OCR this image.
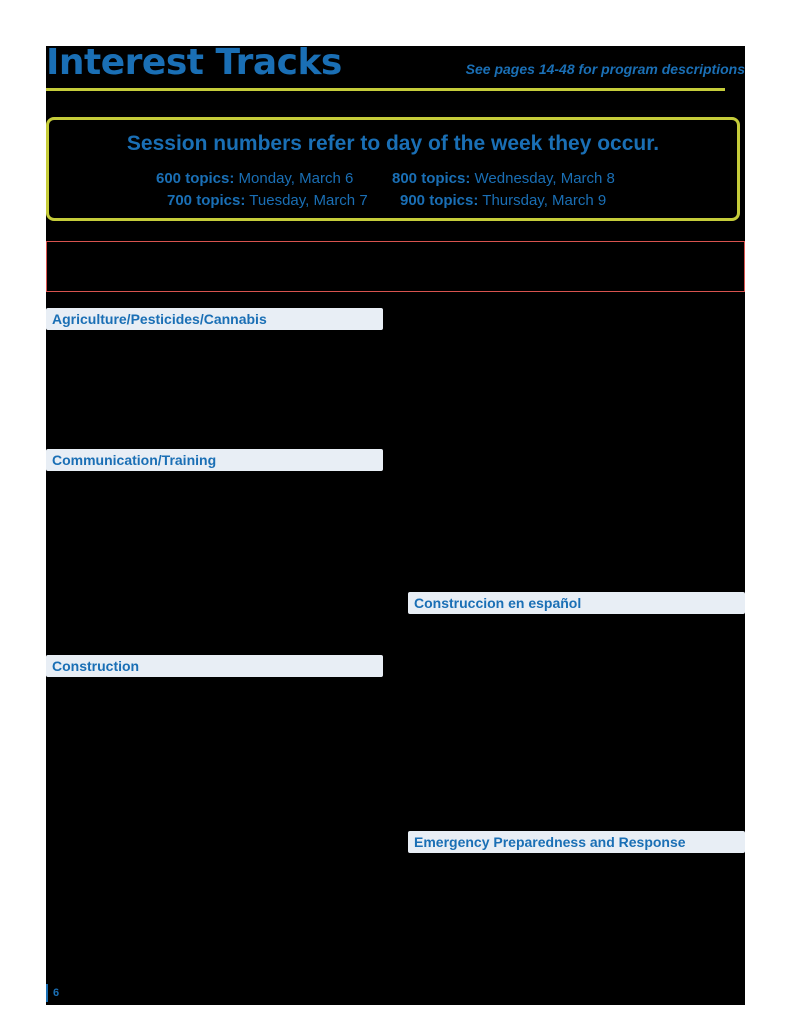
Interest Tracks	See pages 14-48 for program descriptions
Session numbers refer to day of the week they occur.
600 topics: Monday, March 6	800 topics: Wednesday, March 8
700 topics: Tuesday, March 7 900 topics: Thursday, March 9
Agriculture/Pesticides/Cannabis
Communication/Training
Construccion en español
Construction
Emergency Preparedness and Response
6
